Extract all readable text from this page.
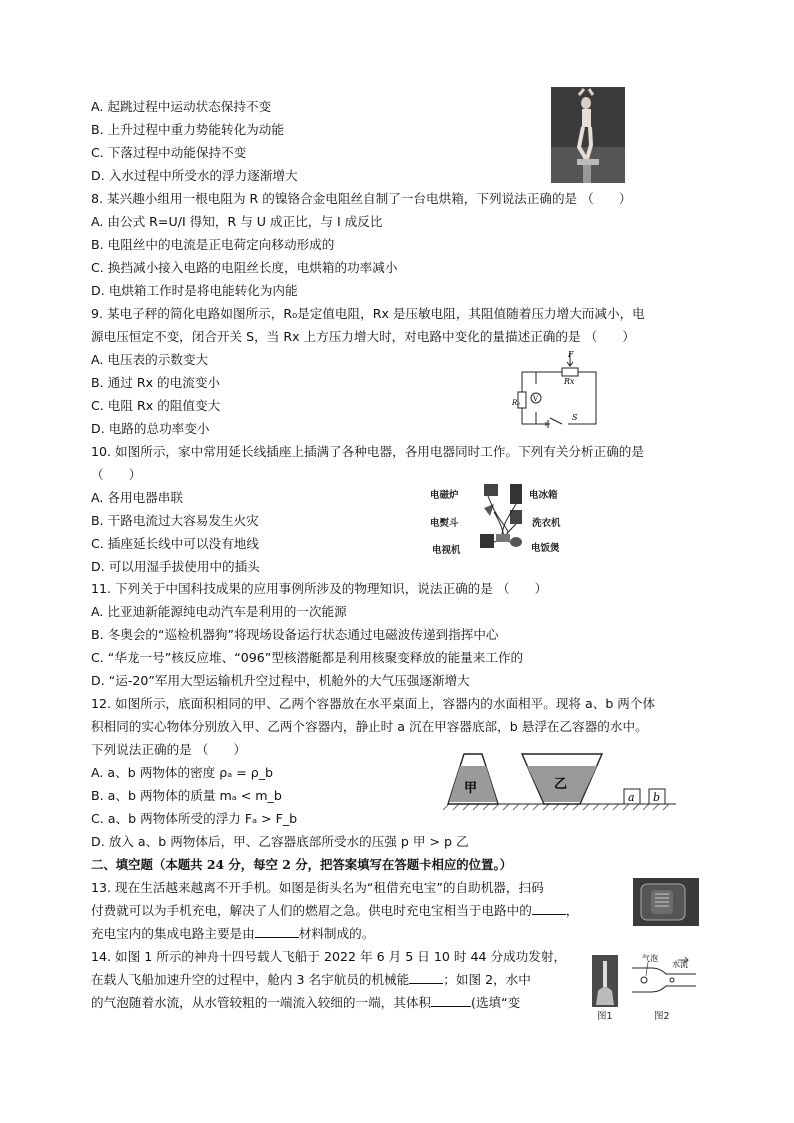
A. 起跳过程中运动状态保持不变
B. 上升过程中重力势能转化为动能
C. 下落过程中动能保持不变
D. 入水过程中所受水的浮力逐渐增大
8. 某兴趣小组用一根电阻为 R 的镍铬合金电阻丝自制了一台电烘箱，下列说法正确的是 （　　）
A. 由公式 R=U/I 得知，R 与 U 成正比，与 I 成反比
B. 电阻丝中的电流是正电荷定向移动形成的
C. 换挡减小接入电路的电阻丝长度，电烘箱的功率减小
D. 电烘箱工作时是将电能转化为内能
9. 某电子秤的简化电路如图所示，R₀是定值电阻，Rx 是压敏电阻，其阻值随着压力增大而减小，电
源电压恒定不变，闭合开关 S，当 Rx 上方压力增大时，对电路中变化的量描述正确的是 （　　）
A. 电压表的示数变大
B. 通过 Rx 的电流变小
C. 电阻 Rx 的阻值变大
D. 电路的总功率变小
F
Rx
R₀ V
S
10. 如图所示，家中常用延长线插座上插满了各种电器，各用电器同时工作。下列有关分析正确的是
（　　）
A. 各用电器串联
B. 干路电流过大容易发生火灾
C. 插座延长线中可以没有地线
D. 可以用湿手拔使用中的插头
电磁炉	电冰箱
电熨斗	洗衣机
电视机	电饭煲
11. 下列关于中国科技成果的应用事例所涉及的物理知识，说法正确的是 （　　）
A. 比亚迪新能源纯电动汽车是利用的一次能源
B. 冬奥会的“巡检机器狗”将现场设备运行状态通过电磁波传递到指挥中心
C. “华龙一号”核反应堆、“096”型核潜艇都是利用核聚变释放的能量来工作的
D. “运-20”军用大型运输机升空过程中，机舱外的大气压强逐渐增大
12. 如图所示，底面积相同的甲、乙两个容器放在水平桌面上，容器内的水面相平。现将 a、b 两个体
积相同的实心物体分别放入甲、乙两个容器内，静止时 a 沉在甲容器底部，b 悬浮在乙容器的水中。
下列说法正确的是 （　　）
A. a、b 两物体的密度 ρₐ = ρ_b
B. a、b 两物体的质量 mₐ < m_b
C. a、b 两物体所受的浮力 Fₐ > F_b
D. 放入 a、b 两物体后，甲、乙容器底部所受水的压强 p 甲 > p 乙
甲	乙
a b
二、填空题（本题共 24 分，每空 2 分，把答案填写在答题卡相应的位置。）
13. 现在生活越来越离不开手机。如图是街头名为“租借充电宝”的自助机器，扫码
付费就可以为手机充电，解决了人们的燃眉之急。供电时充电宝相当于电路中的	，
充电宝内的集成电路主要是由	材料制成的。
14. 如图 1 所示的神舟十四号载人飞船于 2022 年 6 月 5 日 10 时 44 分成功发射，
在载人飞船加速升空的过程中，舱内 3 名宇航员的机械能	；如图 2，水中
的气泡随着水流，从水管较粗的一端流入较细的一端，其体积	(选填“变
气泡
水流
图1	图2
